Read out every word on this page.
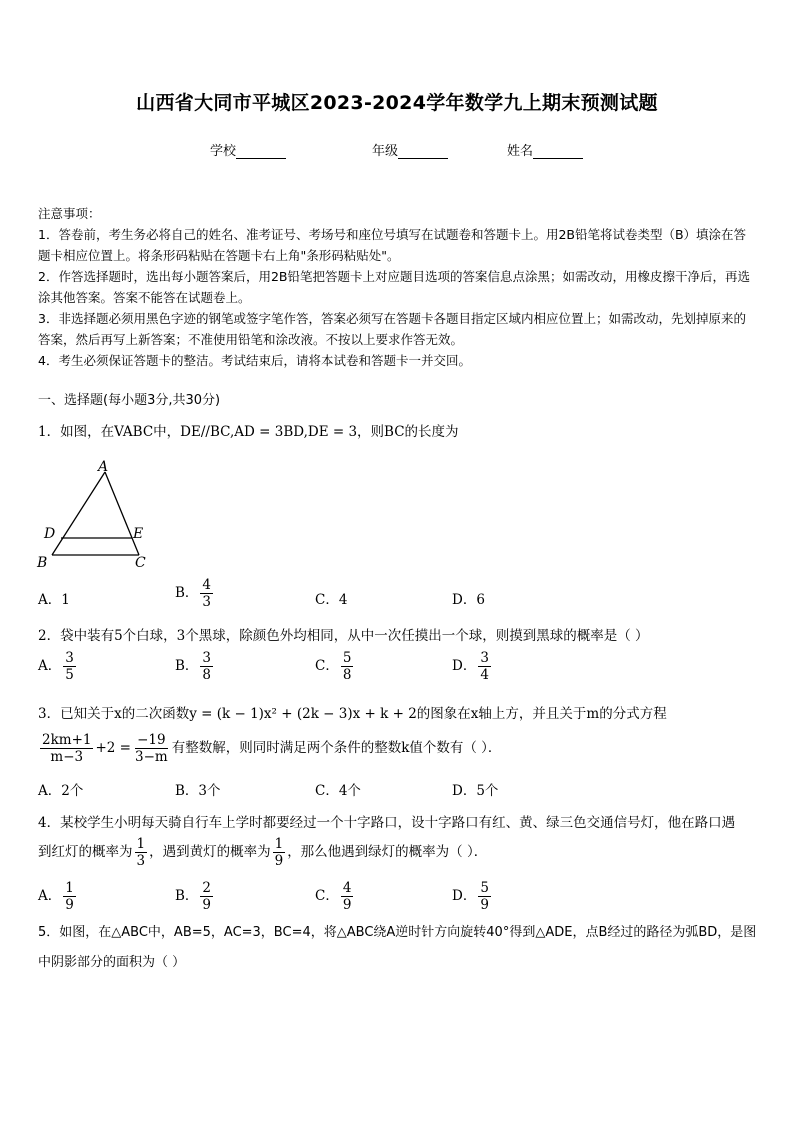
山西省大同市平城区2023-2024学年数学九上期末预测试题
学校	年级	姓名

注意事项：

1．答卷前，考生务必将自己的姓名、准考证号、考场号和座位号填写在试题卷和答题卡上。用2B铅笔将试卷类型（B）填涂在答题卡相应位置上。将条形码粘贴在答题卡右上角"条形码粘贴处"。

2．作答选择题时，选出每小题答案后，用2B铅笔把答题卡上对应题目选项的答案信息点涂黑；如需改动，用橡皮擦干净后，再选涂其他答案。答案不能答在试题卷上。

3．非选择题必须用黑色字迹的钢笔或签字笔作答，答案必须写在答题卡各题目指定区域内相应位置上；如需改动，先划掉原来的答案，然后再写上新答案；不准使用铅笔和涂改液。不按以上要求作答无效。

4．考生必须保证答题卡的整洁。考试结束后，请将本试卷和答题卡一并交回。

一、选择题(每小题3分,共30分)
1．如图，在VABC中，DE//BC,AD = 3BD,DE = 3，则BC的长度为
A
D	E
B	C
A．1	B． $\frac{4}{3}$	C．4	D．6
2．袋中装有5个白球，3个黑球，除颜色外均相同，从中一次任摸出一个球，则摸到黑球的概率是（ ）
A． $\frac{3}{5}$	B． $\frac{3}{8}$	C． $\frac{5}{8}$	D． $\frac{3}{4}$
3．已知关于x的二次函数y = (k − 1)x² + (2k − 3)x + k + 2的图象在x轴上方，并且关于m的分式方程
$\frac{2km+1}{m-3} +2 = \frac{-19}{3-m}$ 有整数解，则同时满足两个条件的整数k值个数有（ ）．
A．2个	B．3个	C．4个	D．5个
4．某校学生小明每天骑自行车上学时都要经过一个十字路口，设十字路口有红、黄、绿三色交通信号灯，他在路口遇
到红灯的概率为 $\frac{1}{3}$ ，遇到黄灯的概率为 $\frac{1}{9}$ ，那么他遇到绿灯的概率为（ ）．
A． $\frac{1}{9}$	B． $\frac{2}{9}$	C． $\frac{4}{9}$	D． $\frac{5}{9}$
5．如图，在△ABC中，AB=5，AC=3，BC=4，将△ABC绕A逆时针方向旋转40°得到△ADE，点B经过的路径为弧BD，是图中阴影部分的面积为（ ）
